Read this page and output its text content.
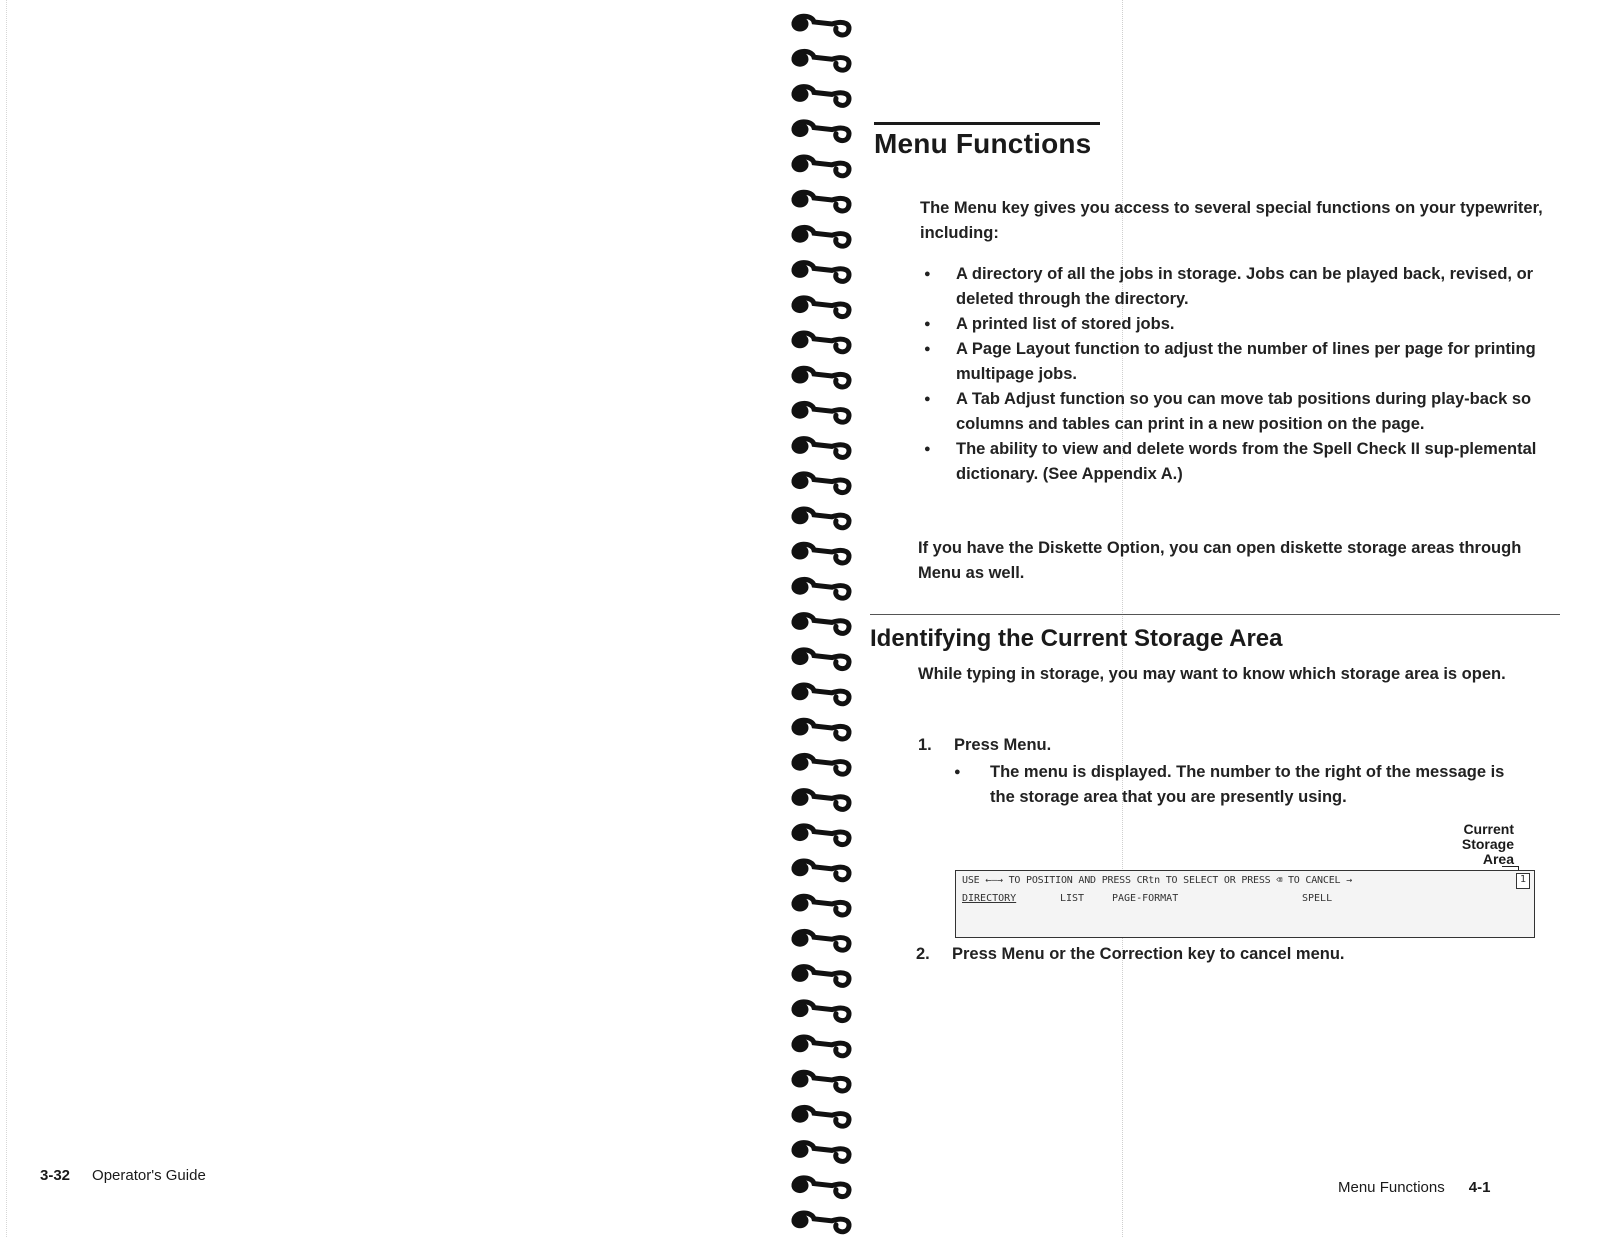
3-32 Operator's Guide
Menu Functions

The Menu key gives you access to several special functions on your typewriter, including:

● A directory of all the jobs in storage. Jobs can be played back, revised, or deleted through the directory.
● A printed list of stored jobs.
● A Page Layout function to adjust the number of lines per page for printing multipage jobs.
● A Tab Adjust function so you can move tab positions during play-back so columns and tables can print in a new position on the page.
● The ability to view and delete words from the Spell Check II sup-plemental dictionary. (See Appendix A.)

If you have the Diskette Option, you can open diskette storage areas through Menu as well.

Identifying the Current Storage Area

While typing in storage, you may want to know which storage area is open.

1. Press Menu.
● The menu is displayed. The number to the right of the message is the storage area that you are presently using.
Current
Storage
Area
USE ←—→ TO POSITION AND PRESS CRtn TO SELECT OR PRESS ⌫ TO CANCEL →	1
DIRECTORY	LIST	PAGE-FORMAT	SPELL
2. Press Menu or the Correction key to cancel menu.
Menu Functions 4-1
